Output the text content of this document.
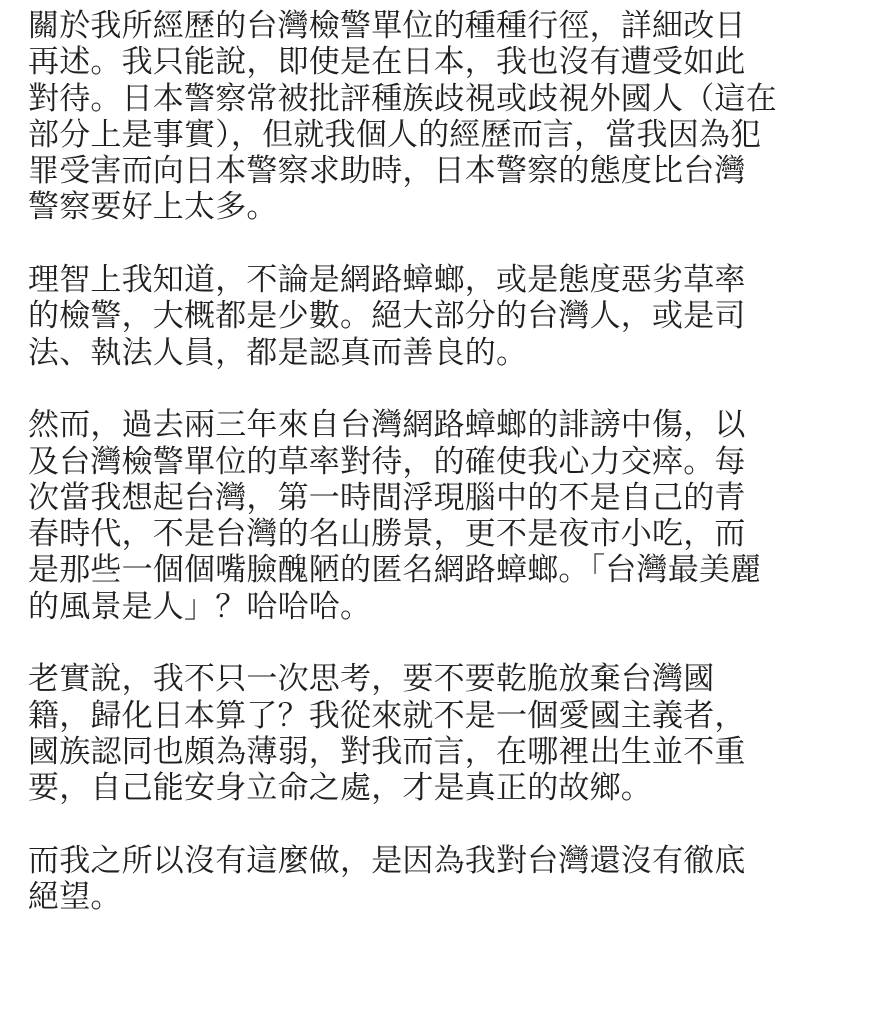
關於我所經歷的台灣檢警單位的種種行徑，詳細改日
再述。我只能說，即使是在日本，我也沒有遭受如此
對待。日本警察常被批評種族歧視或歧視外國人（這在
部分上是事實），但就我個人的經歷而言，當我因為犯
罪受害而向日本警察求助時，日本警察的態度比台灣
警察要好上太多。
理智上我知道，不論是網路蟑螂，或是態度惡劣草率
的檢警，大概都是少數。絕大部分的台灣人，或是司
法、執法人員，都是認真而善良的。
然而，過去兩三年來自台灣網路蟑螂的誹謗中傷，以
及台灣檢警單位的草率對待，的確使我心力交瘁。每
次當我想起台灣，第一時間浮現腦中的不是自己的青
春時代，不是台灣的名山勝景，更不是夜市小吃，而
是那些一個個嘴臉醜陋的匿名網路蟑螂。「台灣最美麗
的風景是人」？哈哈哈。
老實說，我不只一次思考，要不要乾脆放棄台灣國
籍，歸化日本算了？我從來就不是一個愛國主義者，
國族認同也頗為薄弱，對我而言，在哪裡出生並不重
要，自己能安身立命之處，才是真正的故鄉。
而我之所以沒有這麼做，是因為我對台灣還沒有徹底
絕望。
